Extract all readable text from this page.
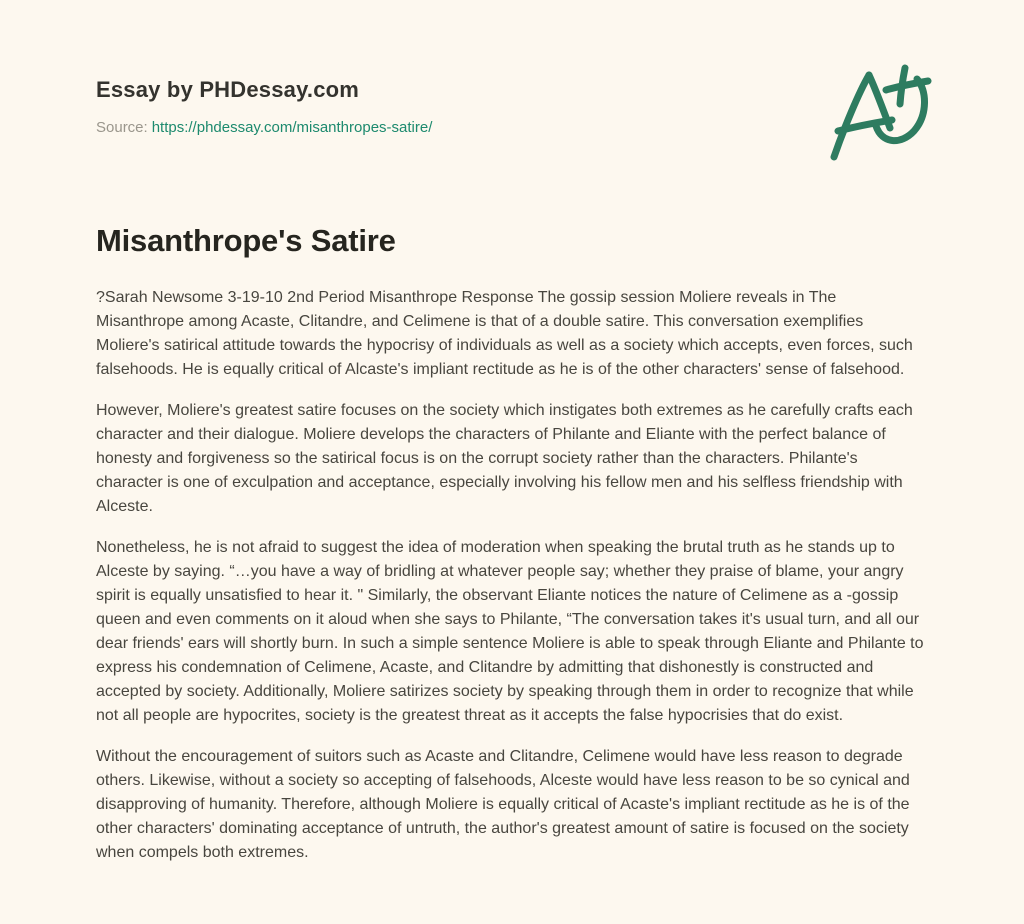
Essay by PHDessay.com
Source: https://phdessay.com/misanthropes-satire/
Misanthrope's Satire

?Sarah Newsome 3-19-10 2nd Period Misanthrope Response The gossip session Moliere reveals in The Misanthrope among Acaste, Clitandre, and Celimene is that of a double satire. This conversation exemplifies Moliere's satirical attitude towards the hypocrisy of individuals as well as a society which accepts, even forces, such falsehoods. He is equally critical of Alcaste's impliant rectitude as he is of the other characters' sense of falsehood.

However, Moliere's greatest satire focuses on the society which instigates both extremes as he carefully crafts each character and their dialogue. Moliere develops the characters of Philante and Eliante with the perfect balance of honesty and forgiveness so the satirical focus is on the corrupt society rather than the characters. Philante's character is one of exculpation and acceptance, especially involving his fellow men and his selfless friendship with Alceste.

Nonetheless, he is not afraid to suggest the idea of moderation when speaking the brutal truth as he stands up to Alceste by saying. “…you have a way of bridling at whatever people say; whether they praise of blame, your angry spirit is equally unsatisfied to hear it. " Similarly, the observant Eliante notices the nature of Celimene as a -gossip queen and even comments on it aloud when she says to Philante, “The conversation takes it's usual turn, and all our dear friends' ears will shortly burn. In such a simple sentence Moliere is able to speak through Eliante and Philante to express his condemnation of Celimene, Acaste, and Clitandre by admitting that dishonestly is constructed and accepted by society. Additionally, Moliere satirizes society by speaking through them in order to recognize that while not all people are hypocrites, society is the greatest threat as it accepts the false hypocrisies that do exist.

Without the encouragement of suitors such as Acaste and Clitandre, Celimene would have less reason to degrade others. Likewise, without a society so accepting of falsehoods, Alceste would have less reason to be so cynical and disapproving of humanity. Therefore, although Moliere is equally critical of Acaste's impliant rectitude as he is of the other characters' dominating acceptance of untruth, the author's greatest amount of satire is focused on the society when compels both extremes.
